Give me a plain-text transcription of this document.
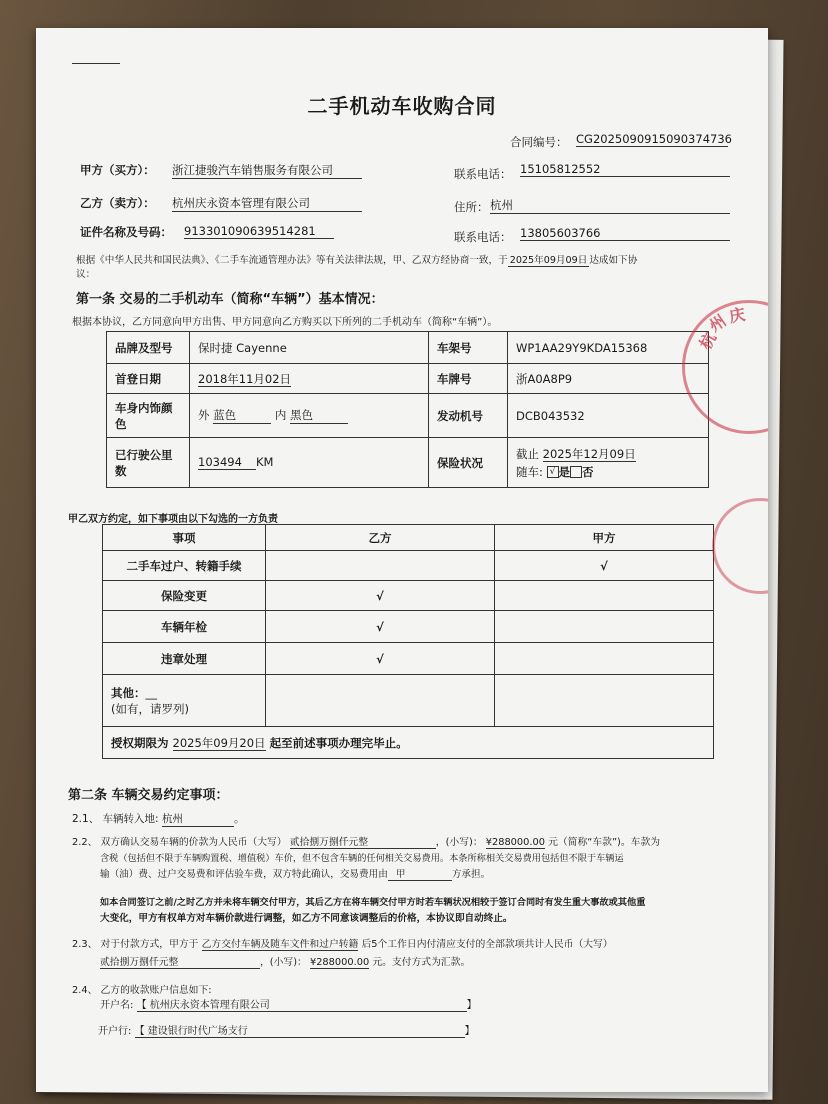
二手机动车收购合同
合同编号： CG2025090915090374736
甲方（买方）： 浙江捷骏汽车销售服务有限公司	联系电话： 15105812552
乙方（卖方）： 杭州庆永资本管理有限公司	住所： 杭州
证件名称及号码： 913301090639514281	联系电话： 13805603766
根据《中华人民共和国民法典》、《二手车流通管理办法》等有关法律法规，甲、乙双方经协商一致，于 2025年09月09日 达成如下协
议：
第一条 交易的二手机动车（简称“车辆”）基本情况：
根据本协议，乙方同意向甲方出售、甲方同意向乙方购买以下所列的二手机动车（简称“车辆”）。
品牌及型号	保时捷 Cayenne	车架号	WP1AA29Y9KDA15368
首登日期	2018年11月02日	车牌号	浙A0A8P9
车身内饰颜
色	外 蓝色 内 黑色	发动机号	DCB043532
已行驶公里
数	103494 KM	保险状况	截止 2025年12月09日
随车: √ 是 否
甲乙双方约定，如下事项由以下勾选的一方负责
事项	乙方	甲方
二手车过户、转籍手续		√
保险变更	√	
车辆年检	√	
违章处理	√	
其他：__
(如有，请罗列)		
授权期限为 2025年09月20日 起至前述事项办理完毕止。		
第二条 车辆交易约定事项：
2.1、 车辆转入地: 杭州	。
2.2、 双方确认交易车辆的价款为人民币（大写） 贰拾捌万捌仟元整	，(小写)： ¥288000.00 元（简称“车款”)。车款为
含税（包括但不限于车辆购置税、增值税）车价，但不包含车辆的任何相关交易费用。本条所称相关交易费用包括但不限于车辆运
输（油）费、过户交易费和评估验车费，双方特此确认，交易费用由 甲	方承担。
如本合同签订之前/之时乙方并未将车辆交付甲方，其后乙方在将车辆交付甲方时若车辆状况相较于签订合同时有发生重大事故或其他重
大变化，甲方有权单方对车辆价款进行调整，如乙方不同意该调整后的价格，本协议即自动终止。
2.3、 对于付款方式，甲方于 乙方交付车辆及随车文件和过户转籍 后5个工作日内付清应支付的全部款项共计人民币（大写）
贰拾捌万捌仟元整	，(小写)： ¥288000.00 元。支付方式为汇款。
2.4、 乙方的收款账户信息如下:
开户名: 【 杭州庆永资本管理有限公司	】
开户行: 【 建设银行时代广场支行	】
杭
州
庆
